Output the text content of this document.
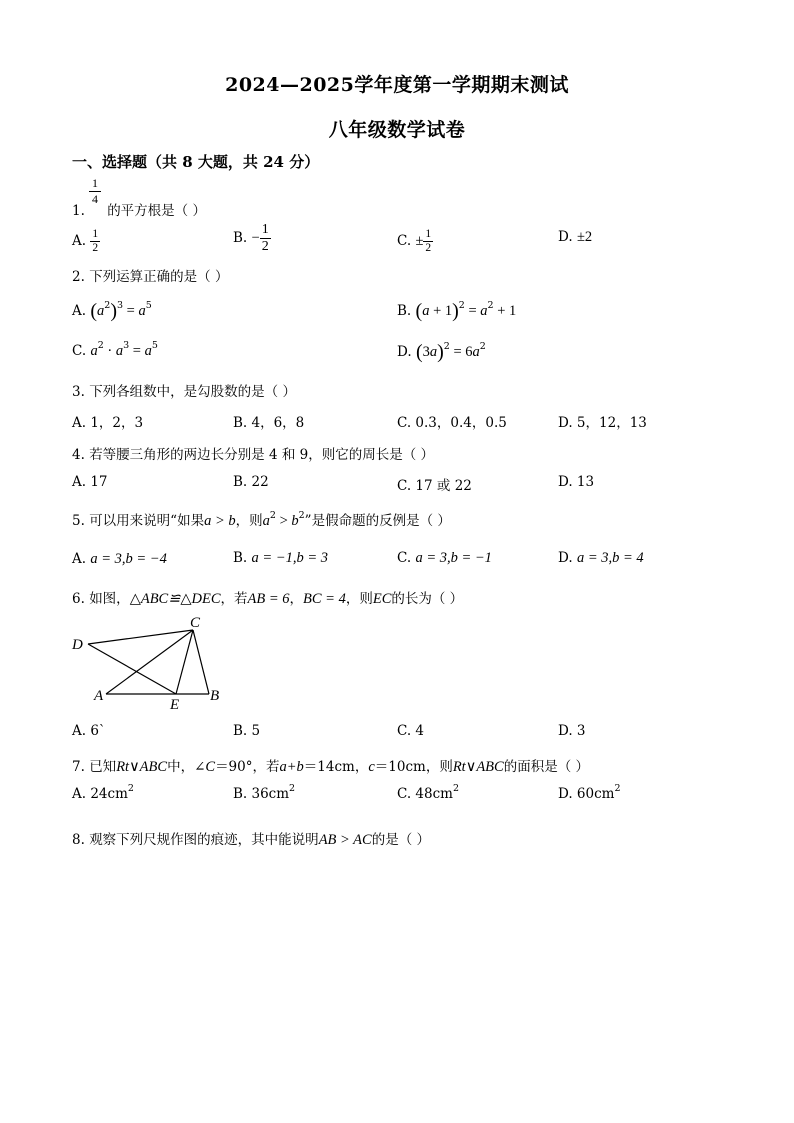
2024—2025学年度第一学期期末测试
八年级数学试卷
一、选择题（共 8 大题，共 24 分）
$\frac{1}{4}$
1. 的平方根是（ ）
A. $\frac{1}{2}$	B. − $\frac{1}{2}$	C. ± $\frac{1}{2}$	D. ±2
2. 下列运算正确的是（ ）
A. $(a^2)^3 = a^5$	B. $(a + 1)^2 = a^2 + 1$
C. $a^2 \cdot a^3 = a^5$	D. $(3a)^2 = 6a^2$
3. 下列各组数中，是勾股数的是（ ）
A. 1，2，3	B. 4，6，8	C. 0.3，0.4，0.5	D. 5，12，13
4. 若等腰三角形的两边长分别是 4 和 9，则它的周长是（ ）
A. 17	B. 22	C. 17 或 22	D. 13
5. 可以用来说明“如果a > b，则$a^2 > b^2$”是假命题的反例是（ ）
A. a = 3,b = −4	B. a = −1,b = 3	C. a = 3,b = −1	D. a = 3,b = 4
6. 如图，△ABC≌△DEC，若AB = 6，BC = 4，则EC的长为（ ）
C
D
A
E
B
A. 6`	B. 5	C. 4	D. 3
7. 已知Rt∨ABC中，∠C＝90°，若a+b＝14cm，c＝10cm，则Rt∨ABC的面积是（ ）
A. $24cm^2$	B. $36cm^2$	C. $48cm^2$	D. $60cm^2$
8. 观察下列尺规作图的痕迹，其中能说明AB > AC的是（ ）
